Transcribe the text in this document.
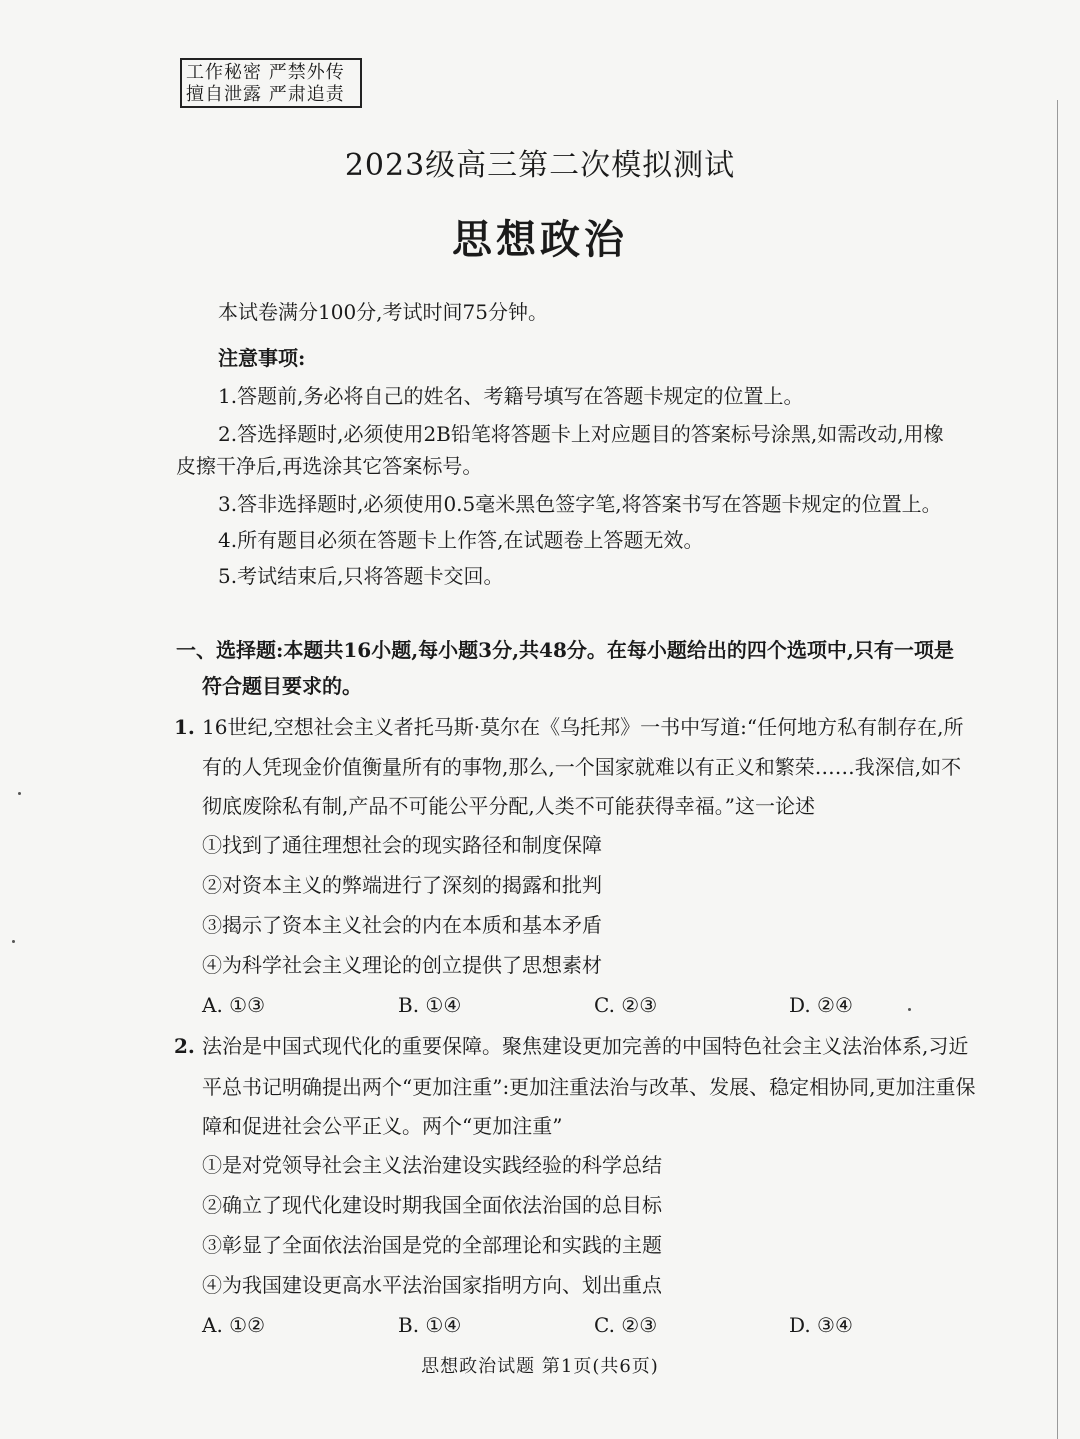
工作秘密 严禁外传
擅自泄露 严肃追责
2023级高三第二次模拟测试
思想政治
本试卷满分100分,考试时间75分钟。
注意事项:
1.答题前,务必将自己的姓名、考籍号填写在答题卡规定的位置上。
2.答选择题时,必须使用2B铅笔将答题卡上对应题目的答案标号涂黑,如需改动,用橡
皮擦干净后,再选涂其它答案标号。
3.答非选择题时,必须使用0.5毫米黑色签字笔,将答案书写在答题卡规定的位置上。
4.所有题目必须在答题卡上作答,在试题卷上答题无效。
5.考试结束后,只将答题卡交回。
一、选择题:本题共16小题,每小题3分,共48分。在每小题给出的四个选项中,只有一项是
符合题目要求的。
1. 16世纪,空想社会主义者托马斯·莫尔在《乌托邦》一书中写道:“任何地方私有制存在,所
有的人凭现金价值衡量所有的事物,那么,一个国家就难以有正义和繁荣……我深信,如不
彻底废除私有制,产品不可能公平分配,人类不可能获得幸福。”这一论述
①找到了通往理想社会的现实路径和制度保障
②对资本主义的弊端进行了深刻的揭露和批判
③揭示了资本主义社会的内在本质和基本矛盾
④为科学社会主义理论的创立提供了思想素材
A. ①③	B. ①④	C. ②③	D. ②④
2. 法治是中国式现代化的重要保障。聚焦建设更加完善的中国特色社会主义法治体系,习近
平总书记明确提出两个“更加注重”:更加注重法治与改革、发展、稳定相协同,更加注重保
障和促进社会公平正义。两个“更加注重”
①是对党领导社会主义法治建设实践经验的科学总结
②确立了现代化建设时期我国全面依法治国的总目标
③彰显了全面依法治国是党的全部理论和实践的主题
④为我国建设更高水平法治国家指明方向、划出重点
A. ①②	B. ①④	C. ②③	D. ③④
思想政治试题 第1页(共6页)
